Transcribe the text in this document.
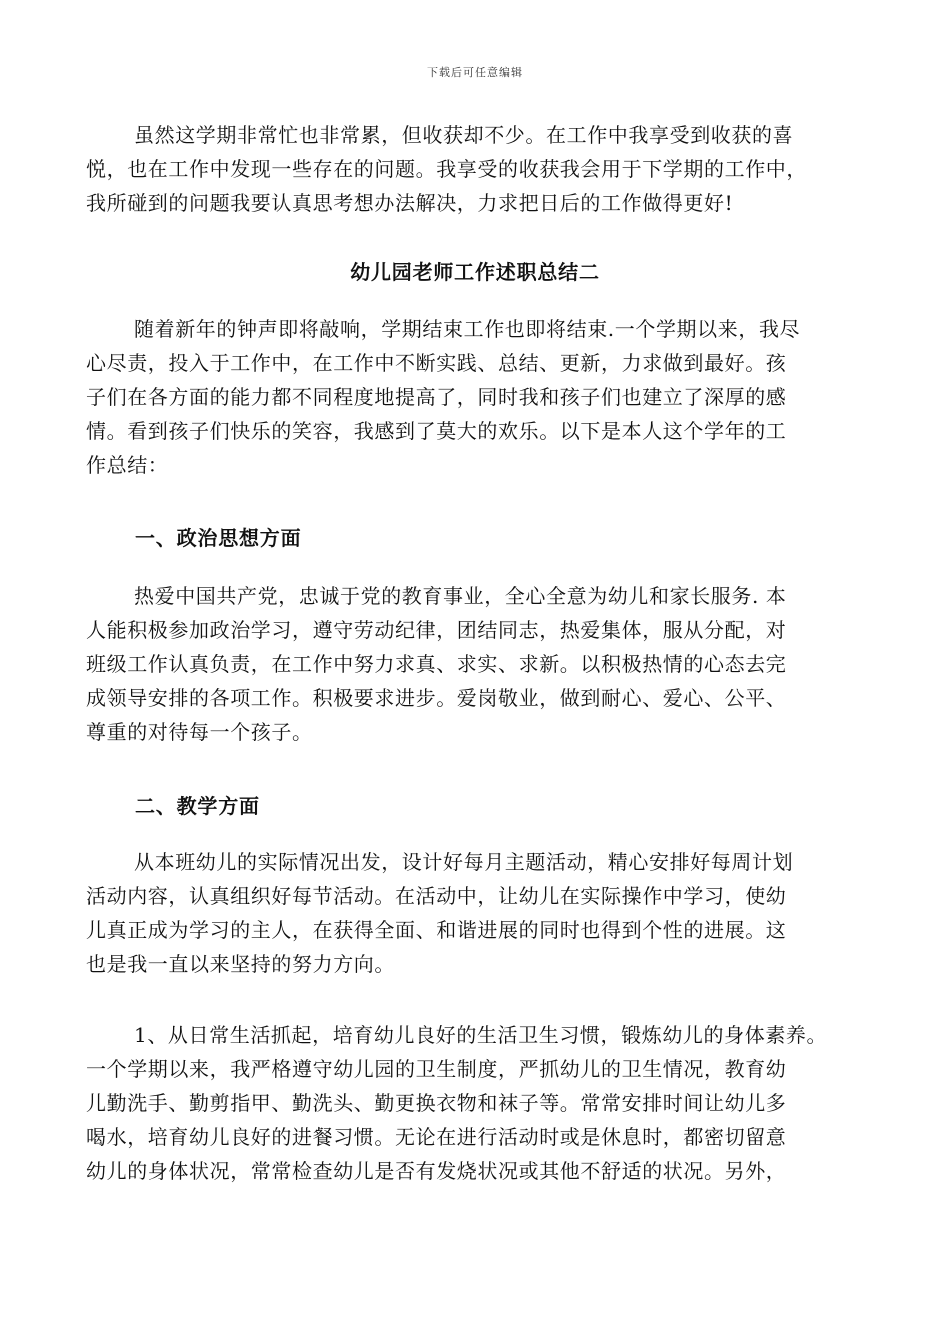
下载后可任意编辑
虽然这学期非常忙也非常累，但收获却不少。在工作中我享受到收获的喜
悦，也在工作中发现一些存在的问题。我享受的收获我会用于下学期的工作中，
我所碰到的问题我要认真思考想办法解决，力求把日后的工作做得更好!
幼儿园老师工作述职总结二
随着新年的钟声即将敲响，学期结束工作也即将结束.一个学期以来，我尽
心尽责，投入于工作中，在工作中不断实践、总结、更新，力求做到最好。孩
子们在各方面的能力都不同程度地提高了，同时我和孩子们也建立了深厚的感
情。看到孩子们快乐的笑容，我感到了莫大的欢乐。以下是本人这个学年的工
作总结：
一、政治思想方面
热爱中国共产党，忠诚于党的教育事业，全心全意为幼儿和家长服务. 本
人能积极参加政治学习，遵守劳动纪律，团结同志，热爱集体，服从分配，对
班级工作认真负责，在工作中努力求真、求实、求新。以积极热情的心态去完
成领导安排的各项工作。积极要求进步。爱岗敬业，做到耐心、爱心、公平、
尊重的对待每一个孩子。
二、教学方面
从本班幼儿的实际情况出发，设计好每月主题活动，精心安排好每周计划
活动内容，认真组织好每节活动。在活动中，让幼儿在实际操作中学习，使幼
儿真正成为学习的主人，在获得全面、和谐进展的同时也得到个性的进展。这
也是我一直以来坚持的努力方向。
1、从日常生活抓起，培育幼儿良好的生活卫生习惯，锻炼幼儿的身体素养。
一个学期以来，我严格遵守幼儿园的卫生制度，严抓幼儿的卫生情况，教育幼
儿勤洗手、勤剪指甲、勤洗头、勤更换衣物和袜子等。常常安排时间让幼儿多
喝水，培育幼儿良好的进餐习惯。无论在进行活动时或是休息时，都密切留意
幼儿的身体状况，常常检查幼儿是否有发烧状况或其他不舒适的状况。另外，
